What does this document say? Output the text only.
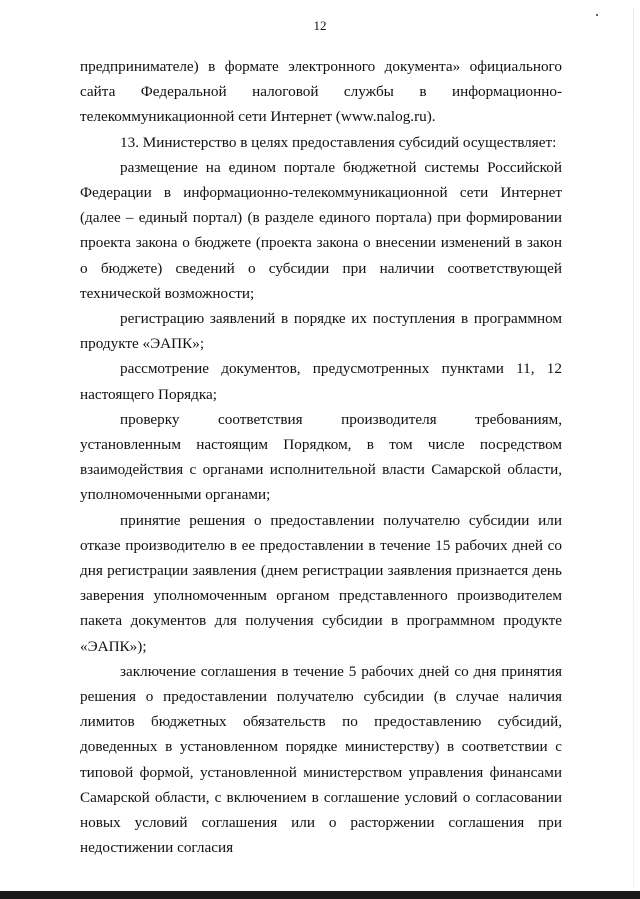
12

предпринимателе) в формате электронного документа» официального сайта Федеральной налоговой службы в информационно-телекоммуникационной сети Интернет (www.nalog.ru).

13. Министерство в целях предоставления субсидий осуществляет:

размещение на едином портале бюджетной системы Российской Федерации в информационно-телекоммуникационной сети Интернет (далее – единый портал) (в разделе единого портала) при формировании проекта закона о бюджете (проекта закона о внесении изменений в закон о бюджете) сведений о субсидии при наличии соответствующей технической возможности;

регистрацию заявлений в порядке их поступления в программном продукте «ЭАПК»;

рассмотрение документов, предусмотренных пунктами 11, 12 настоящего Порядка;

проверку соответствия производителя требованиям, установленным настоящим Порядком, в том числе посредством взаимодействия с органами исполнительной власти Самарской области, уполномоченными органами;

принятие решения о предоставлении получателю субсидии или отказе производителю в ее предоставлении в течение 15 рабочих дней со дня регистрации заявления (днем регистрации заявления признается день заверения уполномоченным органом представленного производителем пакета документов для получения субсидии в программном продукте «ЭАПК»);

заключение соглашения в течение 5 рабочих дней со дня принятия решения о предоставлении получателю субсидии (в случае наличия лимитов бюджетных обязательств по предоставлению субсидий, доведенных в установленном порядке министерству) в соответствии с типовой формой, установленной министерством управления финансами Самарской области, с включением в соглашение условий о согласовании новых условий соглашения или о расторжении соглашения при недостижении согласия
